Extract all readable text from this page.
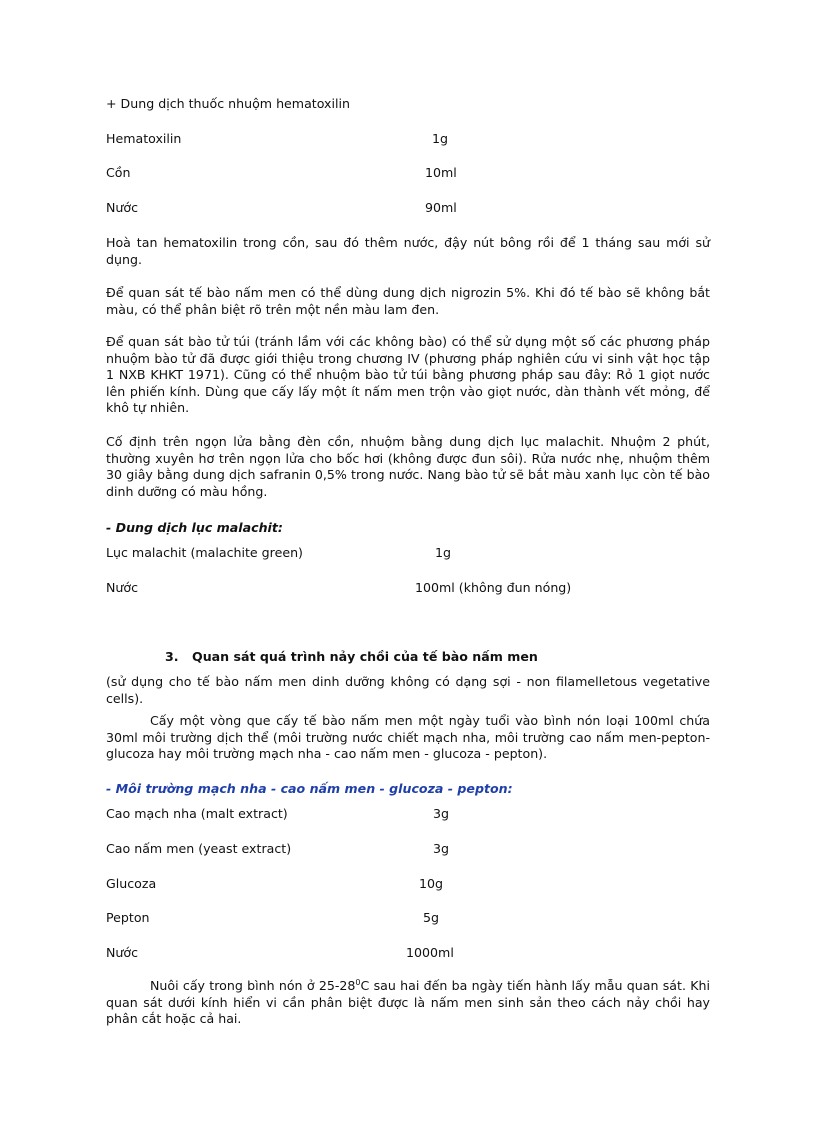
+ Dung dịch thuốc nhuộm hematoxilin
Hematoxilin	1g
Cồn	10ml
Nước	90ml
Hoà tan hematoxilin trong cồn, sau đó thêm nước, đậy nút bông rồi để 1 tháng sau mới sử dụng.
Để quan sát tế bào nấm men có thể dùng dung dịch nigrozin 5%. Khi đó tế bào sẽ không bắt màu, có thể phân biệt rõ trên một nền màu lam đen.
Để quan sát bào tử túi (tránh lầm với các không bào) có thể sử dụng một số các phương pháp nhuộm bào tử đã được giới thiệu trong chương IV (phương pháp nghiên cứu vi sinh vật học tập 1 NXB KHKT 1971). Cũng có thể nhuộm bào tử túi bằng phương pháp sau đây: Rỏ 1 giọt nước lên phiến kính. Dùng que cấy lấy một ít nấm men trộn vào giọt nước, dàn thành vết mỏng, để khô tự nhiên.
Cố định trên ngọn lửa bằng đèn cồn, nhuộm bằng dung dịch lục malachit. Nhuộm 2 phút, thường xuyên hơ trên ngọn lửa cho bốc hơi (không được đun sôi). Rửa nước nhẹ, nhuộm thêm 30 giây bằng dung dịch safranin 0,5% trong nước. Nang bào tử sẽ bắt màu xanh lục còn tế bào dinh dưỡng có màu hồng.
- Dung dịch lục malachit:
Lục malachit (malachite green)	1g
Nước	100ml (không đun nóng)
3. Quan sát quá trình nảy chồi của tế bào nấm men
(sử dụng cho tế bào nấm men dinh dưỡng không có dạng sợi - non filamelletous vegetative cells).
Cấy một vòng que cấy tế bào nấm men một ngày tuổi vào bình nón loại 100ml chứa 30ml môi trường dịch thể (môi trường nước chiết mạch nha, môi trường cao nấm men-pepton-glucoza hay môi trường mạch nha - cao nấm men - glucoza - pepton).
- Môi trường mạch nha - cao nấm men - glucoza - pepton:
Cao mạch nha (malt extract)	3g
Cao nấm men (yeast extract)	3g
Glucoza	10g
Pepton	5g
Nước	1000ml
Nuôi cấy trong bình nón ở $25-28^0C$ sau hai đến ba ngày tiến hành lấy mẫu quan sát. Khi quan sát dưới kính hiển vi cần phân biệt được là nấm men sinh sản theo cách nảy chồi hay phân cắt hoặc cả hai.
